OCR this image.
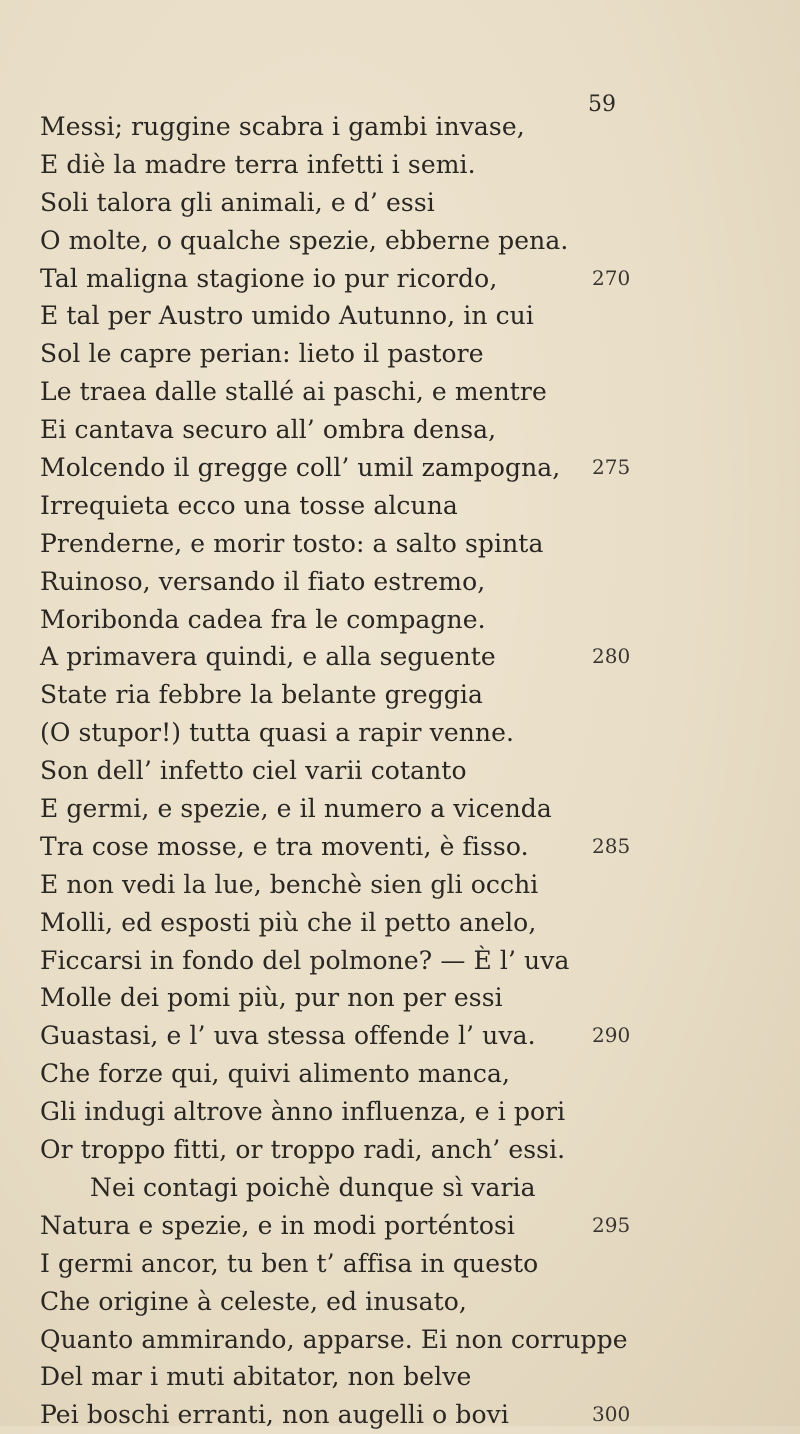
59
Messi; ruggine scabra i gambi invase,
E diè la madre terra infetti i semi.
Soli talora gli animali, e d’ essi
O molte, o qualche spezie, ebberne pena.
Tal maligna stagione io pur ricordo,	270
E tal per Austro umido Autunno, in cui
Sol le capre perian: lieto il pastore
Le traea dalle stallé ai paschi, e mentre
Ei cantava securo all’ ombra densa,
Molcendo il gregge coll’ umil zampogna, 275
Irrequieta ecco una tosse alcuna
Prenderne, e morir tosto: a salto spinta
Ruinoso, versando il fiato estremo,
Moribonda cadea fra le compagne.
A primavera quindi, e alla seguente	280
State ria febbre la belante greggia
(O stupor!) tutta quasi a rapir venne.
Son dell’ infetto ciel varii cotanto
E germi, e spezie, e il numero a vicenda
Tra cose mosse, e tra moventi, è fisso.	285
E non vedi la lue, benchè sien gli occhi
Molli, ed esposti più che il petto anelo,
Ficcarsi in fondo del polmone? — È l’ uva
Molle dei pomi più, pur non per essi
Guastasi, e l’ uva stessa offende l’ uva.	290
Che forze qui, quivi alimento manca,
Gli indugi altrove ànno influenza, e i pori
Or troppo fitti, or troppo radi, anch’ essi.
Nei contagi poichè dunque sì varia
Natura e spezie, e in modi porténtosi	295
I germi ancor, tu ben t’ affisa in questo
Che origine à celeste, ed inusato,
Quanto ammirando, apparse. Ei non corruppe
Del mar i muti abitator, non belve
Pei boschi erranti, non augelli o bovi	300
